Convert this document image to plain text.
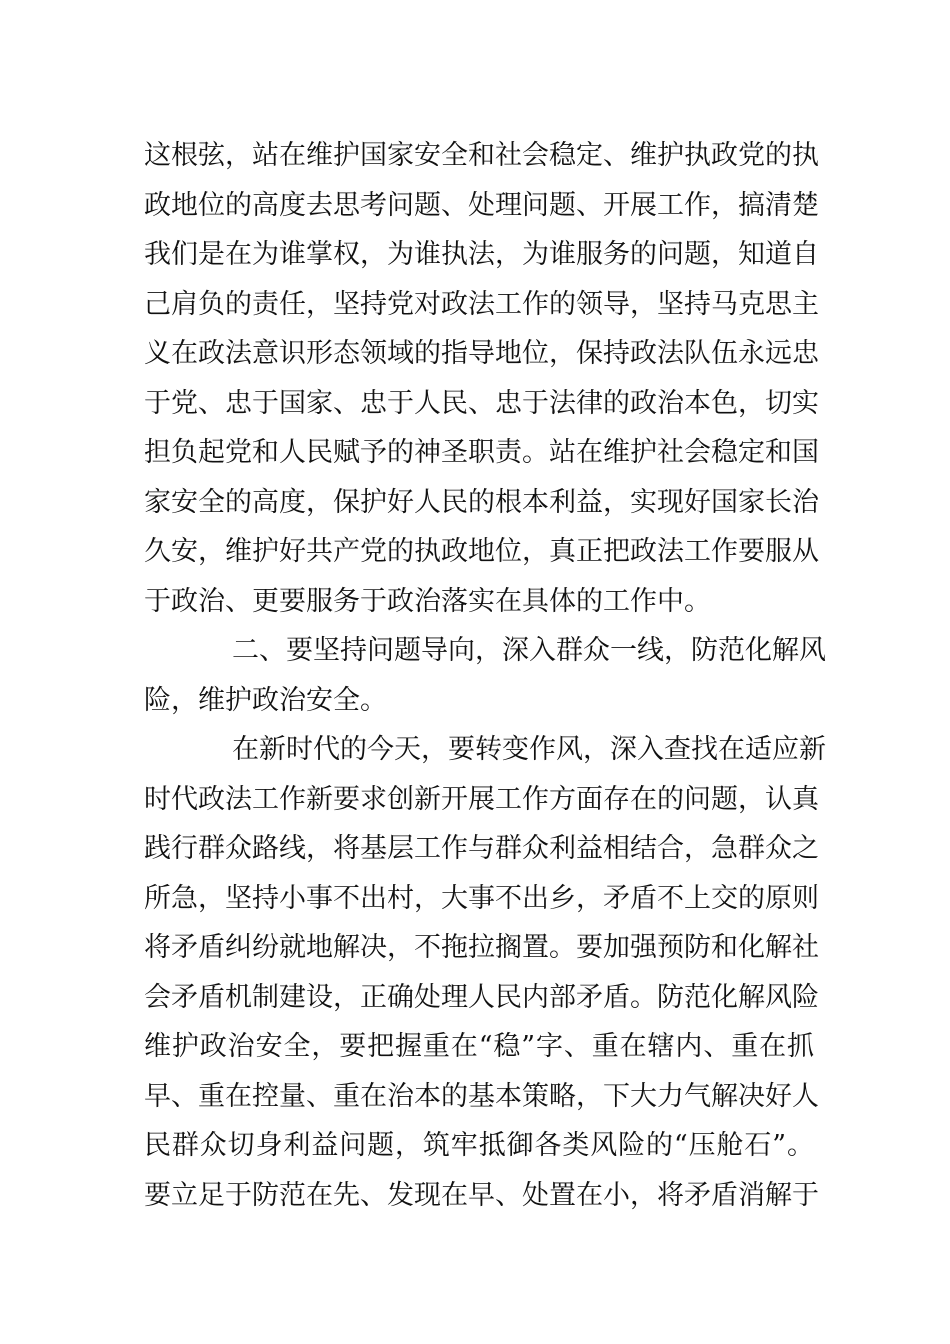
这根弦，站在维护国家安全和社会稳定、维护执政党的执
政地位的高度去思考问题、处理问题、开展工作，搞清楚
我们是在为谁掌权，为谁执法，为谁服务的问题，知道自
己肩负的责任，坚持党对政法工作的领导，坚持马克思主
义在政法意识形态领域的指导地位，保持政法队伍永远忠
于党、忠于国家、忠于人民、忠于法律的政治本色，切实
担负起党和人民赋予的神圣职责。站在维护社会稳定和国
家安全的高度，保护好人民的根本利益，实现好国家长治
久安，维护好共产党的执政地位，真正把政法工作要服从
于政治、更要服务于政治落实在具体的工作中。
二、要坚持问题导向，深入群众一线，防范化解风
险，维护政治安全。
在新时代的今天，要转变作风，深入查找在适应新
时代政法工作新要求创新开展工作方面存在的问题，认真
践行群众路线，将基层工作与群众利益相结合，急群众之
所急，坚持小事不出村，大事不出乡，矛盾不上交的原则
将矛盾纠纷就地解决，不拖拉搁置。要加强预防和化解社
会矛盾机制建设，正确处理人民内部矛盾。防范化解风险
维护政治安全，要把握重在“稳”字、重在辖内、重在抓
早、重在控量、重在治本的基本策略，下大力气解决好人
民群众切身利益问题，筑牢抵御各类风险的“压舱石”。
要立足于防范在先、发现在早、处置在小，将矛盾消解于
